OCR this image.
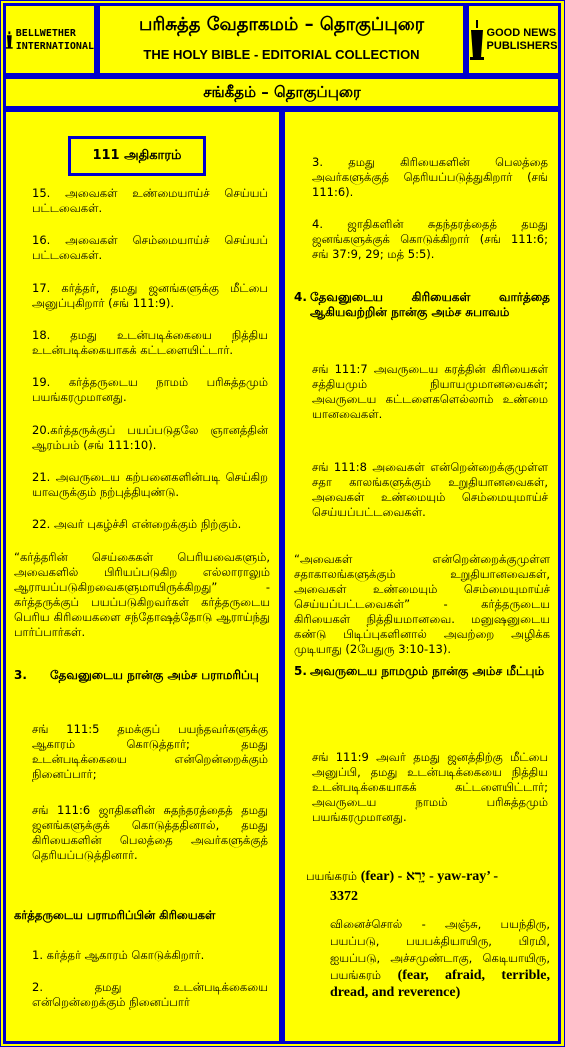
BELLWETHER
INTERNATIONAL
பரிசுத்த வேதாகமம் – தொகுப்புரை
THE HOLY BIBLE - EDITORIAL COLLECTION
GOOD NEWS
PUBLISHERS
சங்கீதம் – தொகுப்புரை
111 அதிகாரம்

15. அவைகள் உண்மையாய்ச் செய்யப் பட்டவைகள்.

16. அவைகள் செம்மையாய்ச் செய்யப் பட்டவைகள்.

17. கர்த்தர், தமது ஜனங்களுக்கு மீட்பை அனுப்புகிறார் (சங் 111:9).

18. தமது உடன்படிக்கையை நித்திய உடன்படிக்கையாகக் கட்டளையிட்டார்.

19. கர்த்தருடைய நாமம் பரிசுத்தமும் பயங்கரமுமானது.

20.கர்த்தருக்குப் பயப்படுதலே ஞானத்தின் ஆரம்பம் (சங் 111:10).

21. அவருடைய கற்பனைகளின்படி செய்கிற யாவருக்கும் நற்புத்தியுண்டு.

22. அவர் புகழ்ச்சி என்றைக்கும் நிற்கும்.

“கர்த்தரின் செய்கைகள் பெரியவைகளும், அவைகளில் பிரியப்படுகிற எல்லாராலும் ஆராயப்படுகிறவைகளுமாயிருக்கிறது” - கர்த்தருக்குப் பயப்படுகிறவர்கள் கர்த்தருடைய பெரிய கிரியைகளை சந்தோஷத்தோடு ஆராய்ந்து பார்ப்பார்கள்.

3.	தேவனுடைய நான்கு அம்ச பராமரிப்பு

சங் 111:5 தமக்குப் பயந்தவர்களுக்கு ஆகாரம் கொடுத்தார்; தமது உடன்படிக்கையை என்றென்றைக்கும் நினைப்பார்;

சங் 111:6 ஜாதிகளின் சுதந்தரத்தைத் தமது ஜனங்களுக்குக் கொடுத்ததினால், தமது கிரியைகளின் பெலத்தை அவர்களுக்குத் தெரியப்படுத்தினார்.

கர்த்தருடைய பராமரிப்பின் கிரியைகள்

1. கர்த்தர் ஆகாரம் கொடுக்கிறார்.

2. தமது உடன்படிக்கையை என்றென்றைக்கும் நினைப்பார்

3. தமது கிரியைகளின் பெலத்தை அவர்களுக்குத் தெரியப்படுத்துகிறார் (சங் 111:6).

4. ஜாதிகளின் சுதந்தரத்தைத் தமது ஜனங்களுக்குக் கொடுக்கிறார் (சங் 111:6; சங் 37:9, 29; மத் 5:5).

4. தேவனுடைய கிரியைகள் வார்த்தை ஆகியவற்றின் நான்கு அம்ச சுபாவம்

சங் 111:7 அவருடைய கரத்தின் கிரியைகள் சத்தியமும் நியாயமுமானவைகள்; அவருடைய கட்டளைகளெல்லாம் உண்மை யானவைகள்.

சங் 111:8 அவைகள் என்றென்றைக்குமுள்ள சதா காலங்களுக்கும் உறுதியானவைகள், அவைகள் உண்மையும் செம்மையுமாய்ச் செய்யப்பட்டவைகள்.

“அவைகள் என்றென்றைக்குமுள்ள சதாகாலங்களுக்கும் உறுதியானவைகள், அவைகள் உண்மையும் செம்மையுமாய்ச் செய்யப்பட்டவைகள்” - கர்த்தருடைய கிரியைகள் நித்தியமானவை. மனுஷனுடைய கண்டு பிடிப்புகளினால் அவற்றை அழிக்க முடியாது (2பேதுரு 3:10-13).

5. அவருடைய நாமமும் நான்கு அம்ச மீட்பும்

சங் 111:9 அவர் தமது ஜனத்திற்கு மீட்பை அனுப்பி, தமது உடன்படிக்கையை நித்திய உடன்படிக்கையாகக் கட்டளையிட்டார்; அவருடைய நாமம் பரிசுத்தமும் பயங்கரமுமானது.

பயங்கரம் (fear) - יָרֵא - yaw-ray’ -
3372
வினைச்சொல் - அஞ்சு, பயந்திரு, பயப்படு, பயபக்தியாயிரு, பிரமி, ஐயப்படு, அச்சமுண்டாகு, கெடியாயிரு, பயங்கரம் (fear, afraid, terrible, dread, and reverence)
